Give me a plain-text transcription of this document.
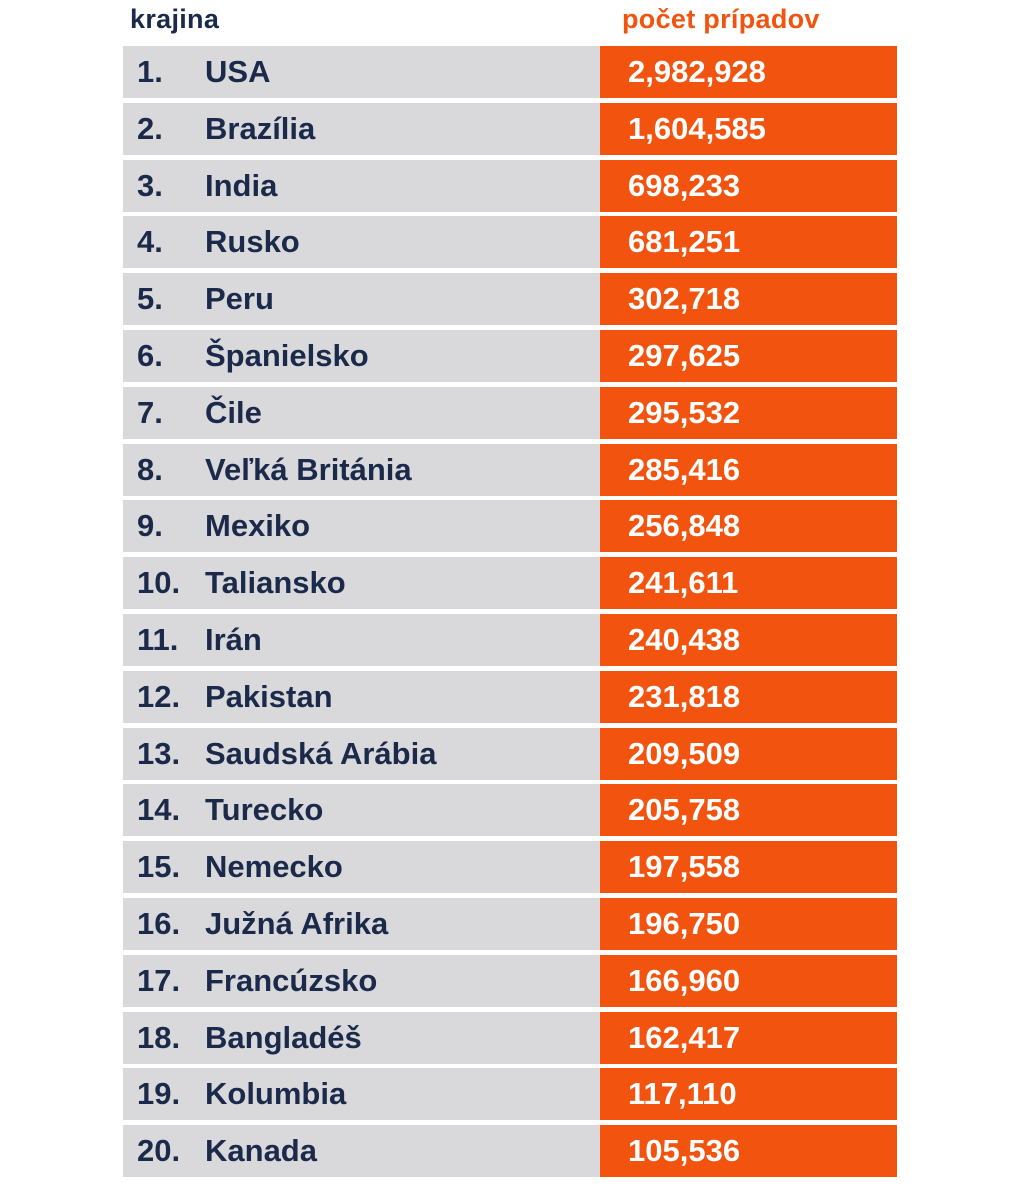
krajina	počet prípadov
1. USA	2,982,928
2. Brazília	1,604,585
3. India	698,233
4. Rusko	681,251
5. Peru	302,718
6. Španielsko	297,625
7. Čile	295,532
8. Veľká Británia	285,416
9. Mexiko	256,848
10. Taliansko	241,611
11. Irán	240,438
12. Pakistan	231,818
13. Saudská Arábia	209,509
14. Turecko	205,758
15. Nemecko	197,558
16. Južná Afrika	196,750
17. Francúzsko	166,960
18. Bangladéš	162,417
19. Kolumbia	117,110
20. Kanada	105,536
